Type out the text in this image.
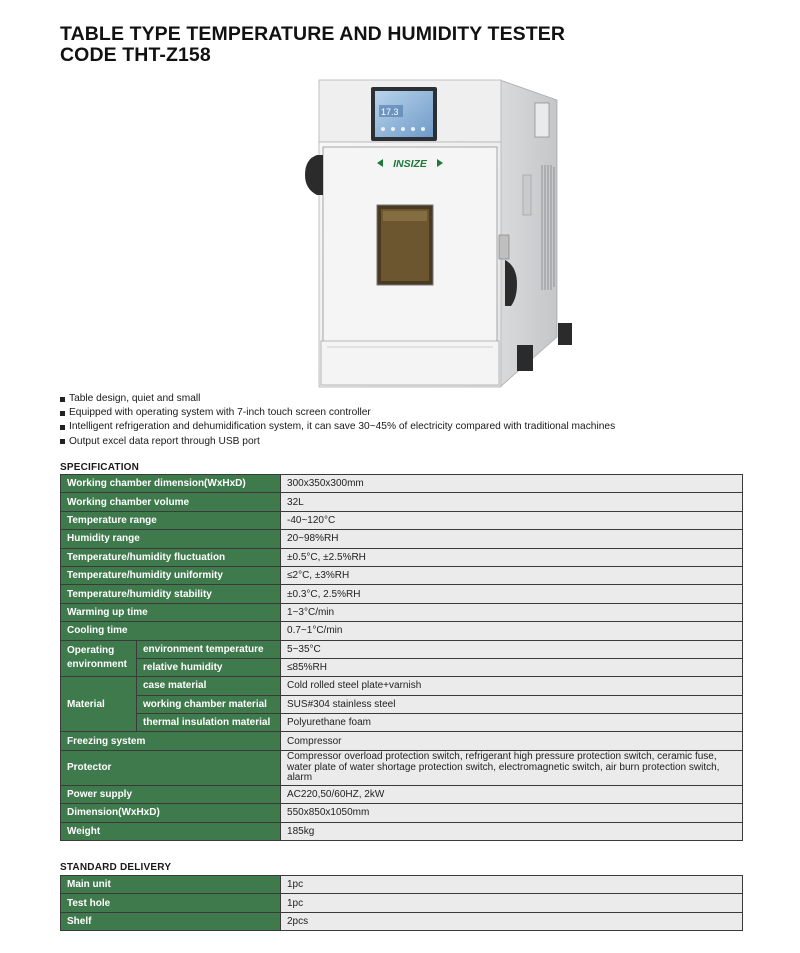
TABLE TYPE TEMPERATURE AND HUMIDITY TESTER
CODE THT-Z158
17.3
INSIZE
Table design, quiet and small
Equipped with operating system with 7-inch touch screen controller
Intelligent refrigeration and dehumidification system, it can save 30~45% of electricity compared with traditional machines
Output excel data report through USB port
SPECIFICATION
Working chamber dimension(WxHxD)		300x350x300mm
Working chamber volume		32L
Temperature range		-40~120°C
Humidity range		20~98%RH
Temperature/humidity fluctuation		±0.5°C, ±2.5%RH
Temperature/humidity uniformity		≤2°C, ±3%RH
Temperature/humidity stability		±0.3°C, 2.5%RH
Warming up time		1~3°C/min
Cooling time		0.7~1°C/min
Operating environment	environment temperature	5~35°C
	relative humidity	≤85%RH
Material	case material	Cold rolled steel plate+varnish
	working chamber material	SUS#304 stainless steel
	thermal insulation material	Polyurethane foam
Freezing system		Compressor
Protector		Compressor overload protection switch, refrigerant high pressure protection switch, ceramic fuse, water plate of water shortage protection switch, electromagnetic switch, air burn protection switch, alarm
Power supply		AC220,50/60HZ, 2kW
Dimension(WxHxD)		550x850x1050mm
Weight		185kg
STANDARD DELIVERY
Main unit	1pc
Test hole	1pc
Shelf	2pcs
